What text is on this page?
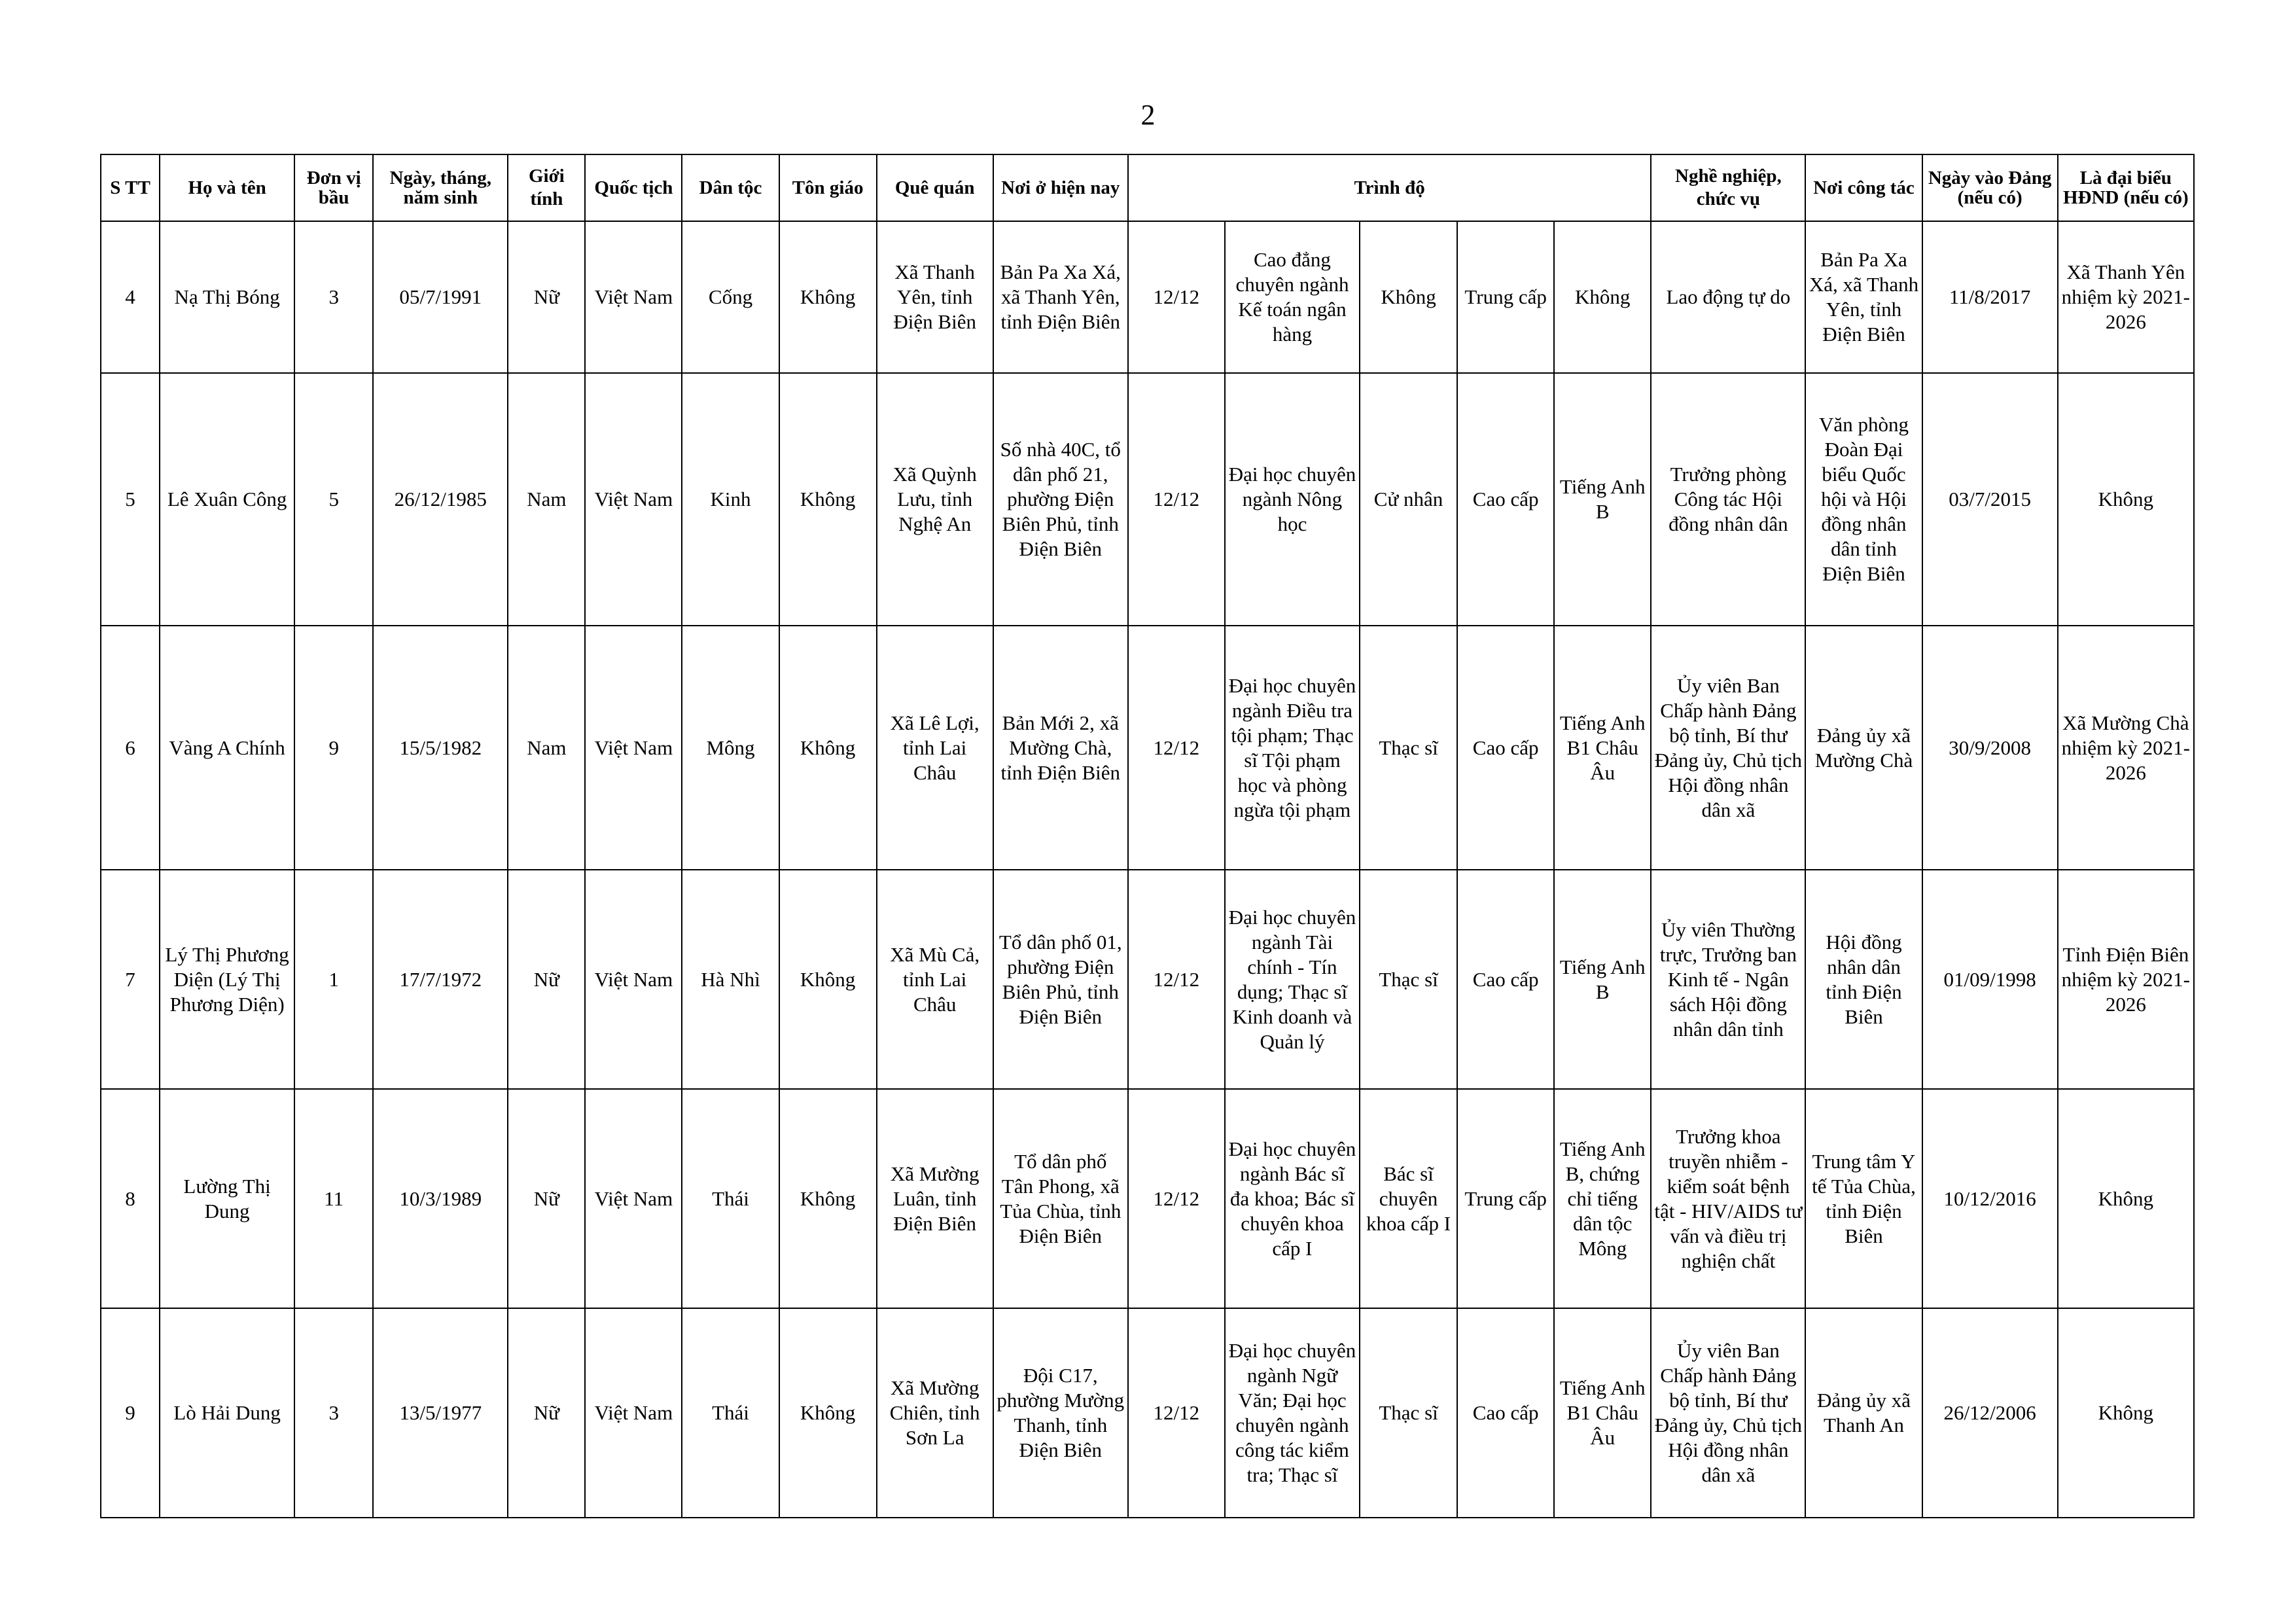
2
S TT	Họ và tên	Đơn vị bầu	Ngày, tháng, năm sinh	Giới tính	Quốc tịch	Dân tộc	Tôn giáo	Quê quán	Nơi ở hiện nay	Trình độ					Nghề nghiệp, chức vụ	Nơi công tác	Ngày vào Đảng (nếu có)	Là đại biểu HĐND (nếu có)
4	Nạ Thị Bóng	3	05/7/1991	Nữ	Việt Nam	Cống	Không	Xã Thanh Yên, tỉnh Điện Biên	Bản Pa Xa Xá, xã Thanh Yên, tỉnh Điện Biên	12/12	Cao đẳng chuyên ngành Kế toán ngân hàng	Không	Trung cấp	Không	Lao động tự do	Bản Pa Xa Xá, xã Thanh Yên, tỉnh Điện Biên	11/8/2017	Xã Thanh Yên nhiệm kỳ 2021-2026
5	Lê Xuân Công	5	26/12/1985	Nam	Việt Nam	Kinh	Không	Xã Quỳnh Lưu, tỉnh Nghệ An	Số nhà 40C, tổ dân phố 21, phường Điện Biên Phủ, tỉnh Điện Biên	12/12	Đại học chuyên ngành Nông học	Cử nhân	Cao cấp	Tiếng Anh B	Trưởng phòng Công tác Hội đồng nhân dân	Văn phòng Đoàn Đại biểu Quốc hội và Hội đồng nhân dân tỉnh Điện Biên	03/7/2015	Không
6	Vàng A Chính	9	15/5/1982	Nam	Việt Nam	Mông	Không	Xã Lê Lợi, tỉnh Lai Châu	Bản Mới 2, xã Mường Chà, tỉnh Điện Biên	12/12	Đại học chuyên ngành Điều tra tội phạm; Thạc sĩ Tội phạm học và phòng ngừa tội phạm	Thạc sĩ	Cao cấp	Tiếng Anh B1 Châu Âu	Ủy viên Ban Chấp hành Đảng bộ tỉnh, Bí thư Đảng ủy, Chủ tịch Hội đồng nhân dân xã	Đảng ủy xã Mường Chà	30/9/2008	Xã Mường Chà nhiệm kỳ 2021-2026
7	Lý Thị Phương Diện (Lý Thị Phương Diện)	1	17/7/1972	Nữ	Việt Nam	Hà Nhì	Không	Xã Mù Cả, tỉnh Lai Châu	Tổ dân phố 01, phường Điện Biên Phủ, tỉnh Điện Biên	12/12	Đại học chuyên ngành Tài chính - Tín dụng; Thạc sĩ Kinh doanh và Quản lý	Thạc sĩ	Cao cấp	Tiếng Anh B	Ủy viên Thường trực, Trưởng ban Kinh tế - Ngân sách Hội đồng nhân dân tỉnh	Hội đồng nhân dân tỉnh Điện Biên	01/09/1998	Tỉnh Điện Biên nhiệm kỳ 2021-2026
8	Lường Thị Dung	11	10/3/1989	Nữ	Việt Nam	Thái	Không	Xã Mường Luân, tỉnh Điện Biên	Tổ dân phố Tân Phong, xã Tủa Chùa, tỉnh Điện Biên	12/12	Đại học chuyên ngành Bác sĩ đa khoa; Bác sĩ chuyên khoa cấp I	Bác sĩ chuyên khoa cấp I	Trung cấp	Tiếng Anh B, chứng chỉ tiếng dân tộc Mông	Trưởng khoa truyền nhiễm - kiểm soát bệnh tật - HIV/AIDS tư vấn và điều trị nghiện chất	Trung tâm Y tế Tủa Chùa, tỉnh Điện Biên	10/12/2016	Không
9	Lò Hải Dung	3	13/5/1977	Nữ	Việt Nam	Thái	Không	Xã Mường Chiên, tỉnh Sơn La	Đội C17, phường Mường Thanh, tỉnh Điện Biên	12/12	Đại học chuyên ngành Ngữ Văn; Đại học chuyên ngành công tác kiểm tra; Thạc sĩ	Thạc sĩ	Cao cấp	Tiếng Anh B1 Châu Âu	Ủy viên Ban Chấp hành Đảng bộ tỉnh, Bí thư Đảng ủy, Chủ tịch Hội đồng nhân dân xã	Đảng ủy xã Thanh An	26/12/2006	Không
